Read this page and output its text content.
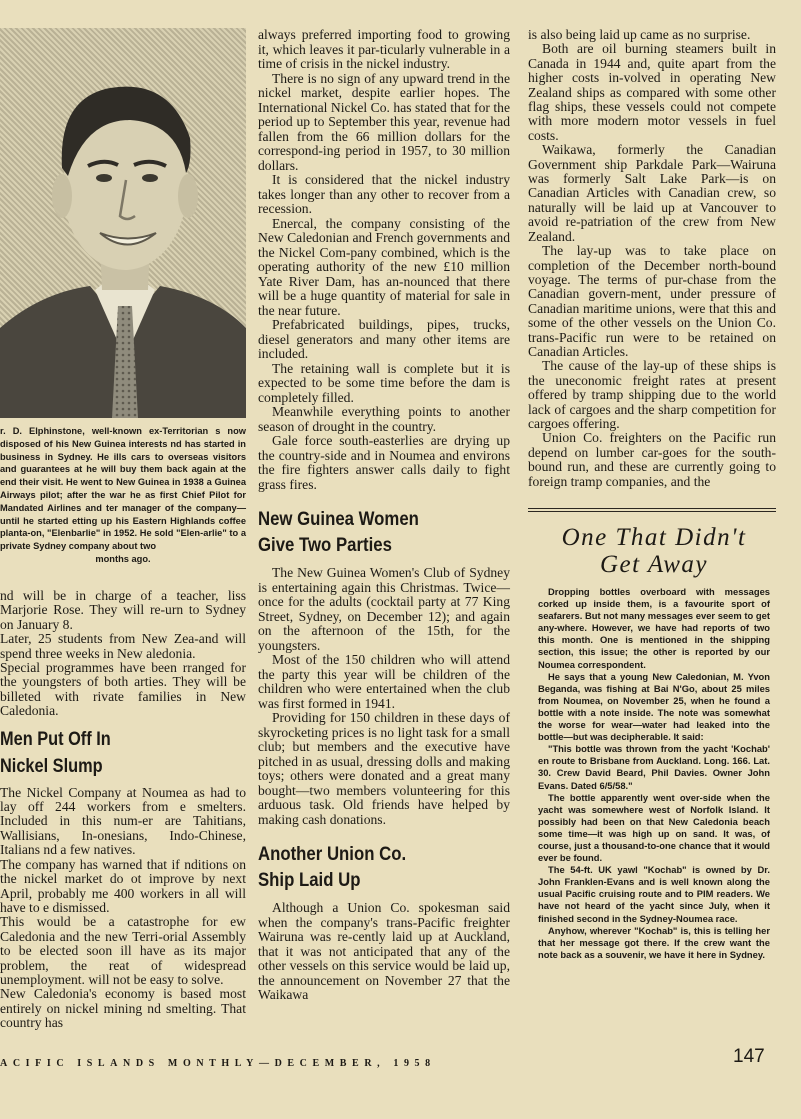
r. D. Elphinstone, well-known ex-Territorian s now disposed of his New Guinea interests nd has started in business in Sydney. He ills cars to overseas visitors and guarantees at he will buy them back again at the end their visit. He went to New Guinea in 1938 a Guinea Airways pilot; after the war he as first Chief Pilot for Mandated Airlines and ter manager of the company—until he started etting up his Eastern Highlands coffee planta-on, "Elenbarlie" in 1952. He sold "Elen-arlie" to a private Sydney company about two

months ago.

nd will be in charge of a teacher, liss Marjorie Rose. They will re-urn to Sydney on January 8.

Later, 25 students from New Zea-and will spend three weeks in New aledonia.

Special programmes have been rranged for the youngsters of both arties. They will be billeted with rivate families in New Caledonia.

Men Put Off In
Nickel Slump

The Nickel Company at Noumea as had to lay off 244 workers from e smelters. Included in this num-er are Tahitians, Wallisians, In-onesians, Indo-Chinese, Italians nd a few natives.

The company has warned that if nditions on the nickel market do ot improve by next April, probably me 400 workers in all will have to e dismissed.

This would be a catastrophe for ew Caledonia and the new Terri-orial Assembly to be elected soon ill have as its major problem, the reat of widespread unemployment. will not be easy to solve.

New Caledonia's economy is based most entirely on nickel mining nd smelting. That country has

always preferred importing food to growing it, which leaves it par-ticularly vulnerable in a time of crisis in the nickel industry.

There is no sign of any upward trend in the nickel market, despite earlier hopes. The International Nickel Co. has stated that for the period up to September this year, revenue had fallen from the 66 million dollars for the correspond-ing period in 1957, to 30 million dollars.

It is considered that the nickel industry takes longer than any other to recover from a recession.

Enercal, the company consisting of the New Caledonian and French governments and the Nickel Com-pany combined, which is the operating authority of the new £10 million Yate River Dam, has an-nounced that there will be a huge quantity of material for sale in the near future.

Prefabricated buildings, pipes, trucks, diesel generators and many other items are included.

The retaining wall is complete but it is expected to be some time before the dam is completely filled.

Meanwhile everything points to another season of drought in the country.

Gale force south-easterlies are drying up the country-side and in Noumea and environs the fire fighters answer calls daily to fight grass fires.

New Guinea Women
Give Two Parties

The New Guinea Women's Club of Sydney is entertaining again this Christmas. Twice—once for the adults (cocktail party at 77 King Street, Sydney, on December 12); and again on the afternoon of the 15th, for the youngsters.

Most of the 150 children who will attend the party this year will be children of the children who were entertained when the club was first formed in 1941.

Providing for 150 children in these days of skyrocketing prices is no light task for a small club; but members and the executive have pitched in as usual, dressing dolls and making toys; others were donated and a great many bought—two members volunteering for this arduous task. Old friends have helped by making cash donations.

Another Union Co.
Ship Laid Up

Although a Union Co. spokesman said when the company's trans-Pacific freighter Wairuna was re-cently laid up at Auckland, that it was not anticipated that any of the other vessels on this service would be laid up, the announcement on November 27 that the Waikawa

is also being laid up came as no surprise.

Both are oil burning steamers built in Canada in 1944 and, quite apart from the higher costs in-volved in operating New Zealand ships as compared with some other flag ships, these vessels could not compete with more modern motor vessels in fuel costs.

Waikawa, formerly the Canadian Government ship Parkdale Park—Wairuna was formerly Salt Lake Park—is on Canadian Articles with Canadian crew, so naturally will be laid up at Vancouver to avoid re-patriation of the crew from New Zealand.

The lay-up was to take place on completion of the December north-bound voyage. The terms of pur-chase from the Canadian govern-ment, under pressure of Canadian maritime unions, were that this and some of the other vessels on the Union Co. trans-Pacific run were to be retained on Canadian Articles.

The cause of the lay-up of these ships is the uneconomic freight rates at present offered by tramp shipping due to the world lack of cargoes and the sharp competition for cargoes offering.

Union Co. freighters on the Pacific run depend on lumber car-goes for the south-bound run, and these are currently going to foreign tramp companies, and the

One That Didn't
Get Away

Dropping bottles overboard with messages corked up inside them, is a favourite sport of seafarers. But not many messages ever seem to get any-where. However, we have had reports of two this month. One is mentioned in the shipping section, this issue; the other is reported by our Noumea correspondent.

He says that a young New Caledonian, M. Yvon Beganda, was fishing at Bai N'Go, about 25 miles from Noumea, on November 25, when he found a bottle with a note inside. The note was somewhat the worse for wear—water had leaked into the bottle—but was decipherable. It said:

"This bottle was thrown from the yacht 'Kochab' en route to Brisbane from Auckland. Long. 166. Lat. 30. Crew David Beard, Phil Davies. Owner John Evans. Dated 6/5/58."

The bottle apparently went over-side when the yacht was somewhere west of Norfolk Island. It possibly had been on that New Caledonia beach some time—it was high up on sand. It was, of course, just a thousand-to-one chance that it would ever be found.

The 54-ft. UK yawl "Kochab" is owned by Dr. John Franklen-Evans and is well known along the usual Pacific cruising route and to PIM readers. We have not heard of the yacht since July, when it finished second in the Sydney-Noumea race.

Anyhow, wherever "Kochab" is, this is telling her that her message got there. If the crew want the note back as a souvenir, we have it here in Sydney.

ACIFIC ISLANDS MONTHLY—DECEMBER, 1958	147
